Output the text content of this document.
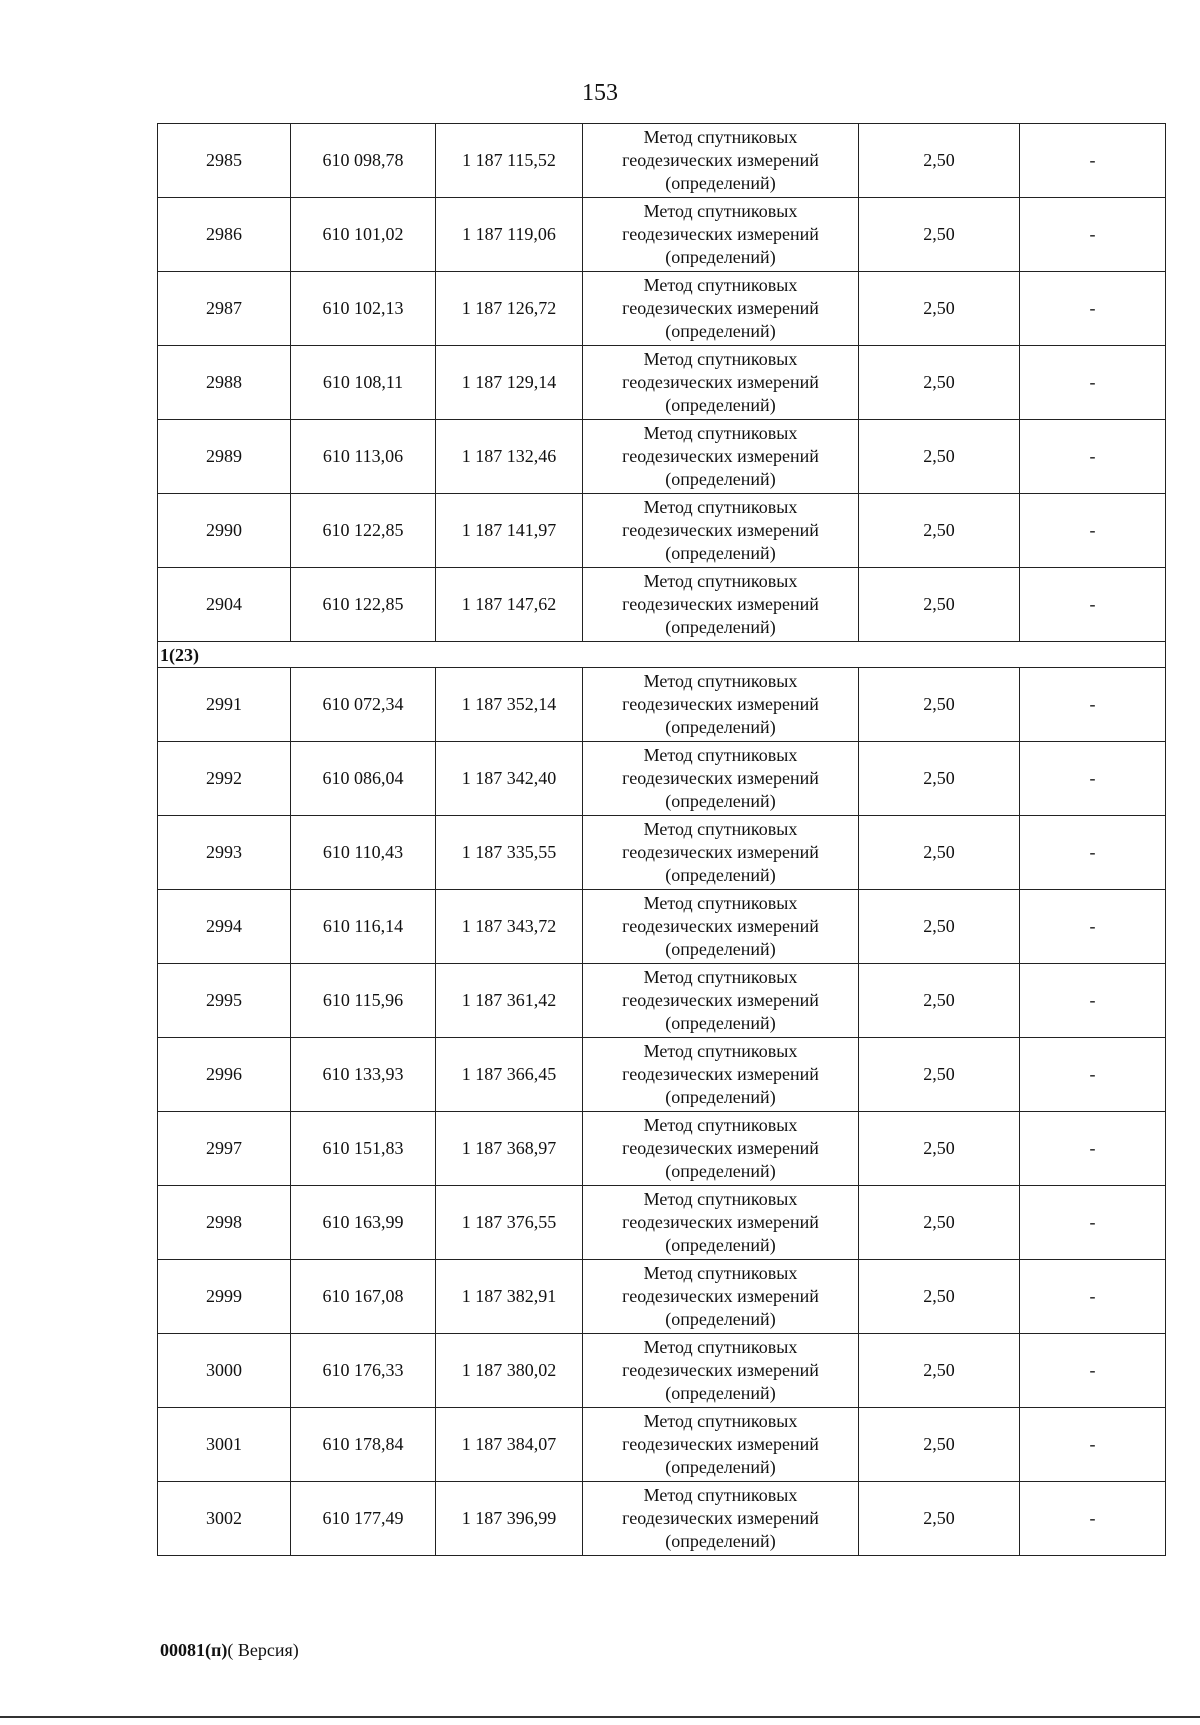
153
2985	610 098,78	1 187 115,52	Метод спутниковых
геодезических измерений
(определений)	2,50	-
2986	610 101,02	1 187 119,06	Метод спутниковых
геодезических измерений
(определений)	2,50	-
2987	610 102,13	1 187 126,72	Метод спутниковых
геодезических измерений
(определений)	2,50	-
2988	610 108,11	1 187 129,14	Метод спутниковых
геодезических измерений
(определений)	2,50	-
2989	610 113,06	1 187 132,46	Метод спутниковых
геодезических измерений
(определений)	2,50	-
2990	610 122,85	1 187 141,97	Метод спутниковых
геодезических измерений
(определений)	2,50	-
2904	610 122,85	1 187 147,62	Метод спутниковых
геодезических измерений
(определений)	2,50	-
1(23)					
2991	610 072,34	1 187 352,14	Метод спутниковых
геодезических измерений
(определений)	2,50	-
2992	610 086,04	1 187 342,40	Метод спутниковых
геодезических измерений
(определений)	2,50	-
2993	610 110,43	1 187 335,55	Метод спутниковых
геодезических измерений
(определений)	2,50	-
2994	610 116,14	1 187 343,72	Метод спутниковых
геодезических измерений
(определений)	2,50	-
2995	610 115,96	1 187 361,42	Метод спутниковых
геодезических измерений
(определений)	2,50	-
2996	610 133,93	1 187 366,45	Метод спутниковых
геодезических измерений
(определений)	2,50	-
2997	610 151,83	1 187 368,97	Метод спутниковых
геодезических измерений
(определений)	2,50	-
2998	610 163,99	1 187 376,55	Метод спутниковых
геодезических измерений
(определений)	2,50	-
2999	610 167,08	1 187 382,91	Метод спутниковых
геодезических измерений
(определений)	2,50	-
3000	610 176,33	1 187 380,02	Метод спутниковых
геодезических измерений
(определений)	2,50	-
3001	610 178,84	1 187 384,07	Метод спутниковых
геодезических измерений
(определений)	2,50	-
3002	610 177,49	1 187 396,99	Метод спутниковых
геодезических измерений
(определений)	2,50	-
00081(п)( Версия)
